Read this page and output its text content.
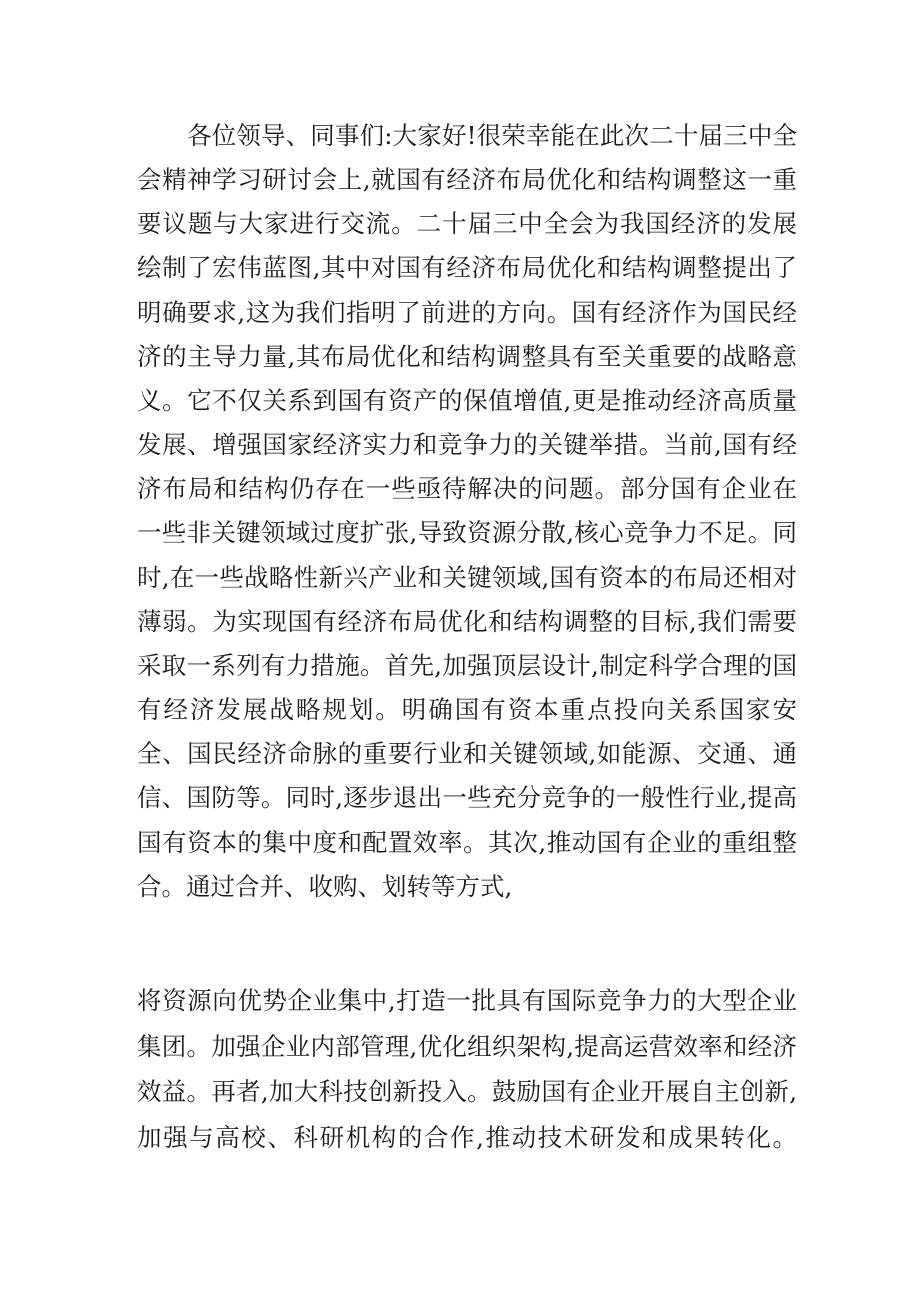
各位领导、同事们:大家好!很荣幸能在此次二十届三中全会精神学习研讨会上,就国有经济布局优化和结构调整这一重要议题与大家进行交流。二十届三中全会为我国经济的发展绘制了宏伟蓝图,其中对国有经济布局优化和结构调整提出了明确要求,这为我们指明了前进的方向。国有经济作为国民经济的主导力量,其布局优化和结构调整具有至关重要的战略意义。它不仅关系到国有资产的保值增值,更是推动经济高质量发展、增强国家经济实力和竞争力的关键举措。当前,国有经济布局和结构仍存在一些亟待解决的问题。部分国有企业在一些非关键领域过度扩张,导致资源分散,核心竞争力不足。同时,在一些战略性新兴产业和关键领域,国有资本的布局还相对薄弱。为实现国有经济布局优化和结构调整的目标,我们需要采取一系列有力措施。首先,加强顶层设计,制定科学合理的国有经济发展战略规划。明确国有资本重点投向关系国家安全、国民经济命脉的重要行业和关键领域,如能源、交通、通信、国防等。同时,逐步退出一些充分竞争的一般性行业,提高国有资本的集中度和配置效率。其次,推动国有企业的重组整合。通过合并、收购、划转等方式,

将资源向优势企业集中,打造一批具有国际竞争力的大型企业集团。加强企业内部管理,优化组织架构,提高运营效率和经济效益。再者,加大科技创新投入。鼓励国有企业开展自主创新,加强与高校、科研机构的合作,推动技术研发和成果转化。
